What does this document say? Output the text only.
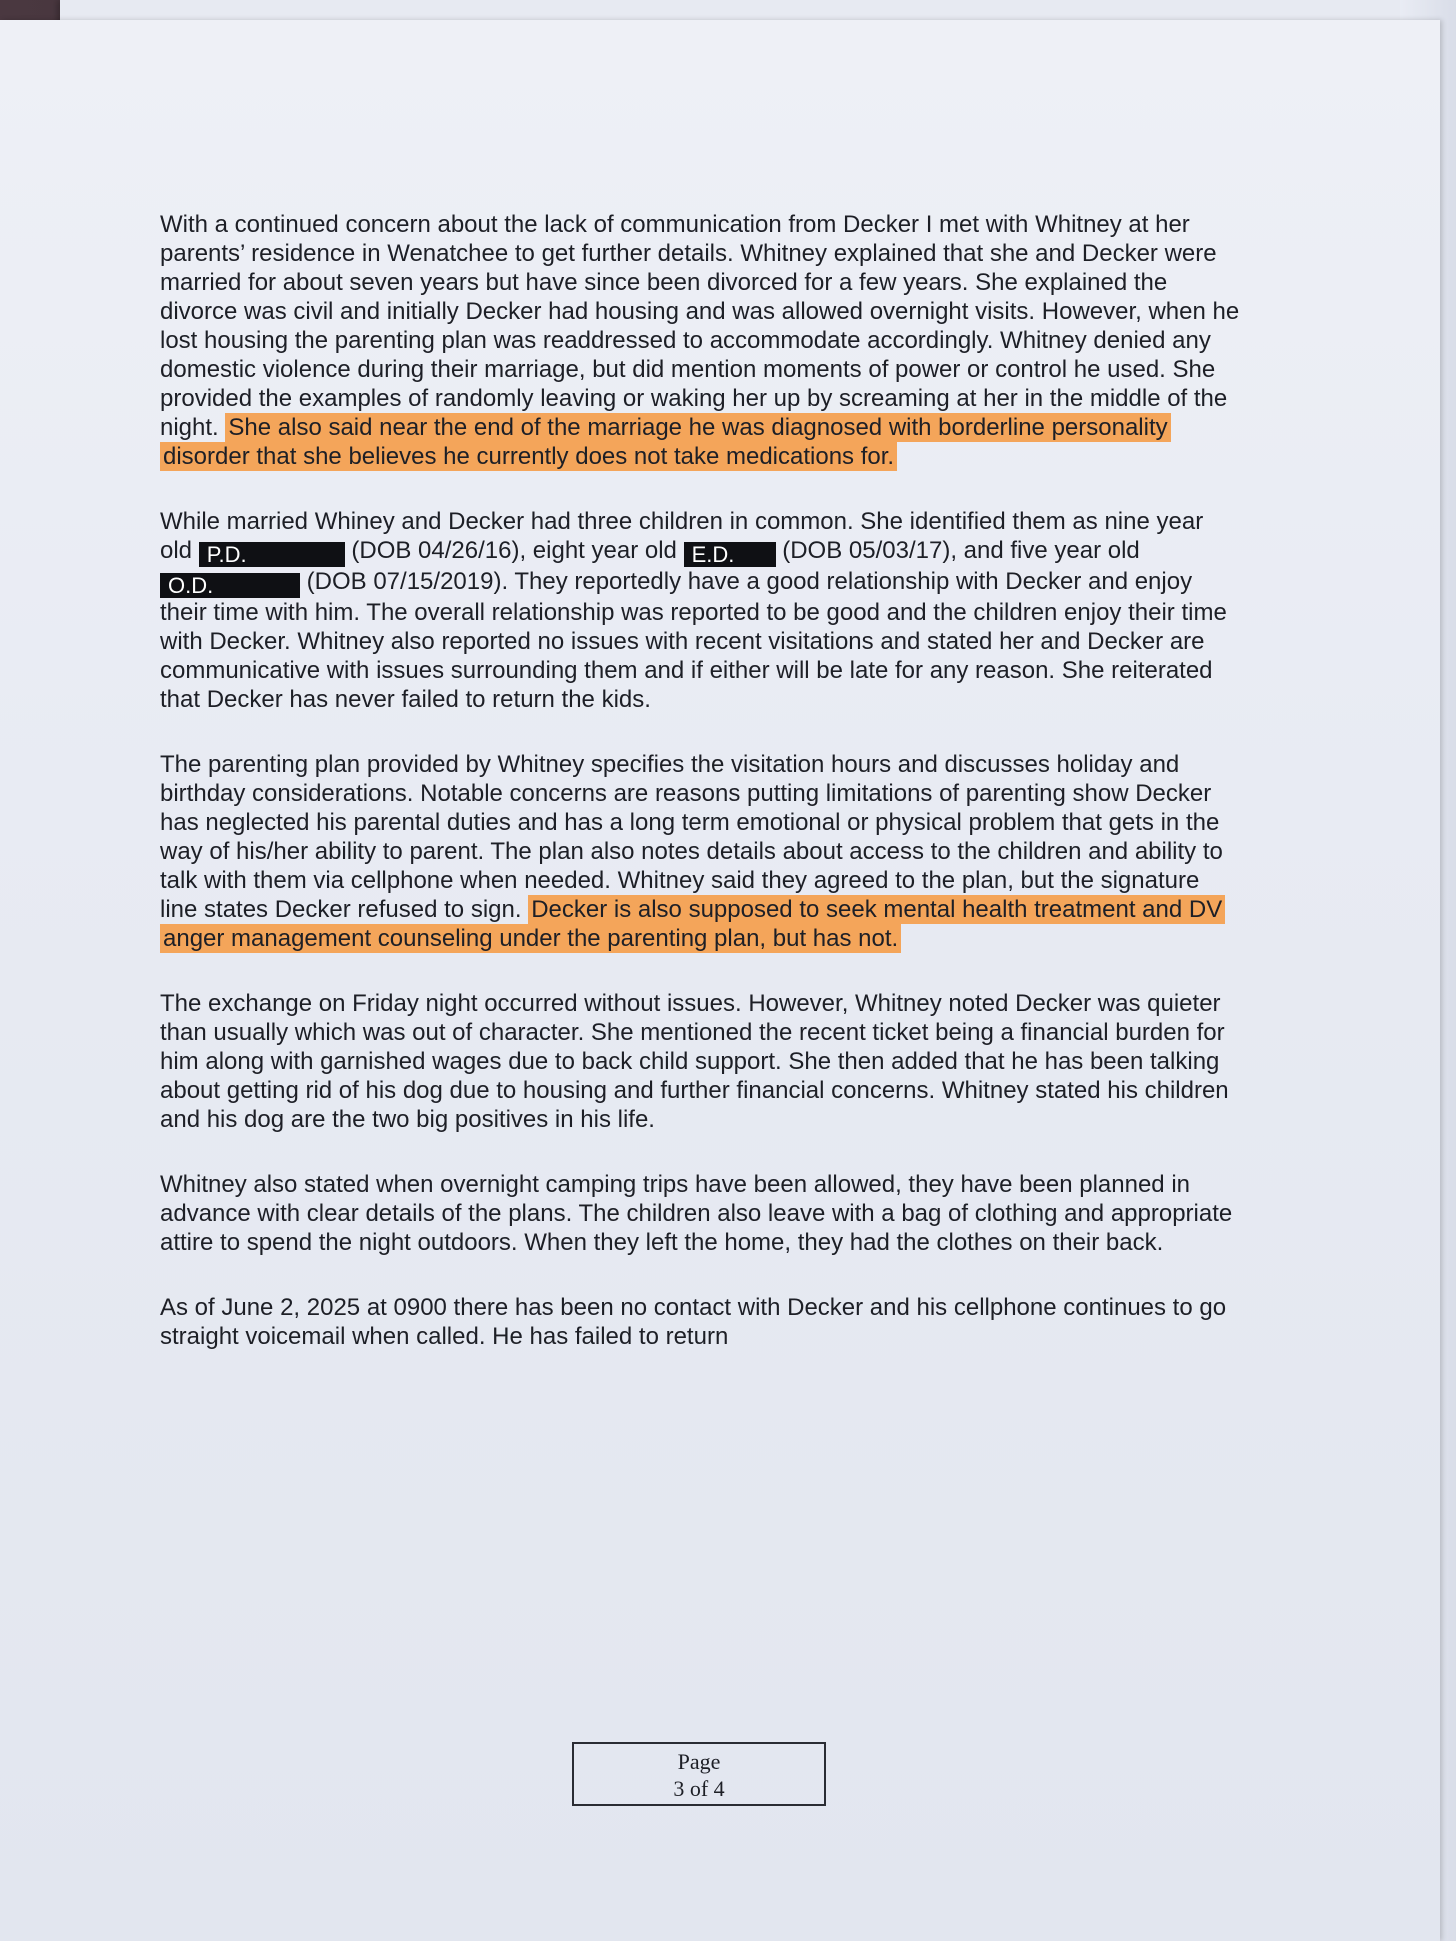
With a continued concern about the lack of communication from Decker I met with Whitney at her parents’ residence in Wenatchee to get further details. Whitney explained that she and Decker were married for about seven years but have since been divorced for a few years. She explained the divorce was civil and initially Decker had housing and was allowed overnight visits. However, when he lost housing the parenting plan was readdressed to accommodate accordingly. Whitney denied any domestic violence during their marriage, but did mention moments of power or control he used. She provided the examples of randomly leaving or waking her up by screaming at her in the middle of the night. She also said near the end of the marriage he was diagnosed with borderline personality disorder that she believes he currently does not take medications for.

While married Whiney and Decker had three children in common. She identified them as nine year old P.D.	(DOB 04/26/16), eight year old E.D. (DOB 05/03/17), and five year old O.D.	(DOB 07/15/2019). They reportedly have a good relationship with Decker and enjoy their time with him. The overall relationship was reported to be good and the children enjoy their time with Decker. Whitney also reported no issues with recent visitations and stated her and Decker are communicative with issues surrounding them and if either will be late for any reason. She reiterated that Decker has never failed to return the kids.

The parenting plan provided by Whitney specifies the visitation hours and discusses holiday and birthday considerations. Notable concerns are reasons putting limitations of parenting show Decker has neglected his parental duties and has a long term emotional or physical problem that gets in the way of his/her ability to parent. The plan also notes details about access to the children and ability to talk with them via cellphone when needed. Whitney said they agreed to the plan, but the signature line states Decker refused to sign. Decker is also supposed to seek mental health treatment and DV anger management counseling under the parenting plan, but has not.

The exchange on Friday night occurred without issues. However, Whitney noted Decker was quieter than usually which was out of character. She mentioned the recent ticket being a financial burden for him along with garnished wages due to back child support. She then added that he has been talking about getting rid of his dog due to housing and further financial concerns. Whitney stated his children and his dog are the two big positives in his life.

Whitney also stated when overnight camping trips have been allowed, they have been planned in advance with clear details of the plans. The children also leave with a bag of clothing and appropriate attire to spend the night outdoors. When they left the home, they had the clothes on their back.

As of June 2, 2025 at 0900 there has been no contact with Decker and his cellphone continues to go straight voicemail when called. He has failed to return

Page
3 of 4
